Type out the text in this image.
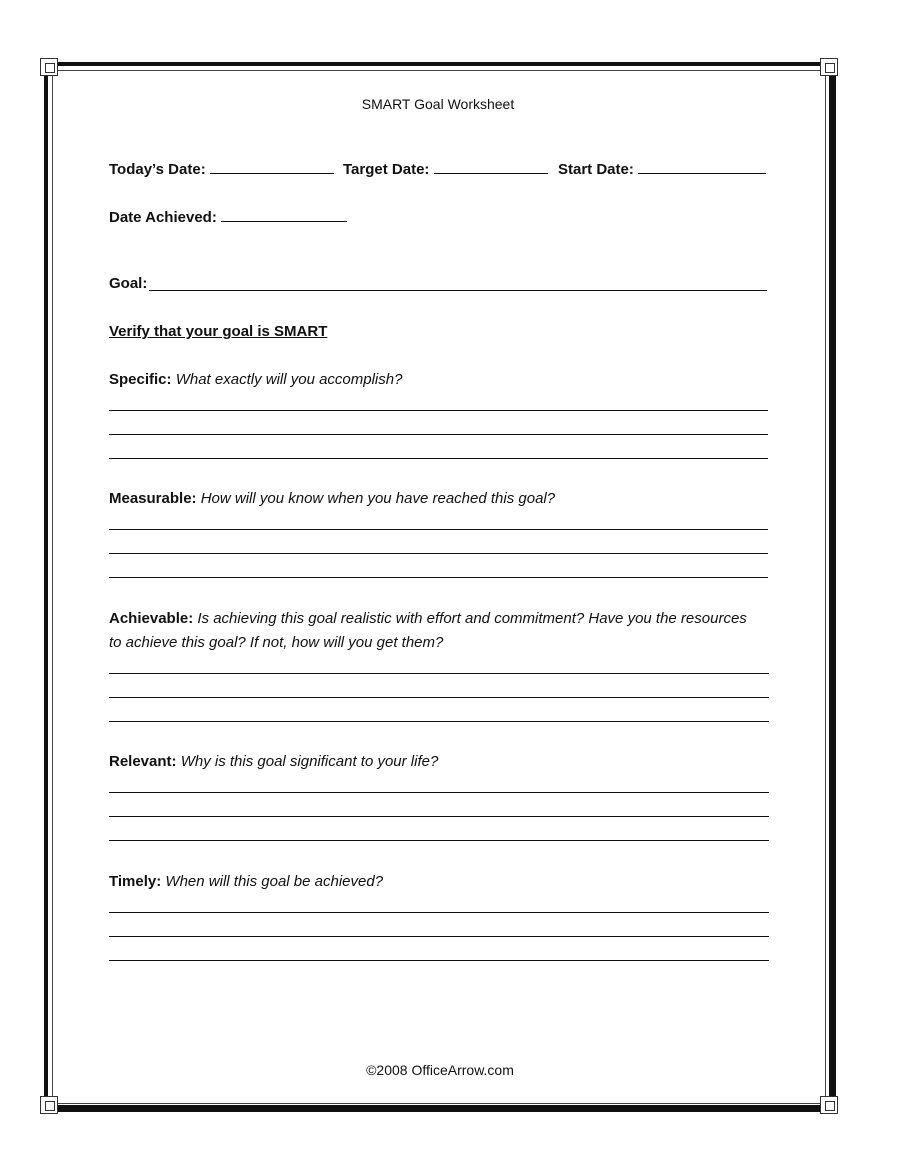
SMART Goal Worksheet
Today’s Date:	Target Date:	Start Date:
Date Achieved:
Goal:
Verify that your goal is SMART
Specific: What exactly will you accomplish?
Measurable: How will you know when you have reached this goal?
Achievable: Is achieving this goal realistic with effort and commitment? Have you the resources
to achieve this goal? If not, how will you get them?
Relevant: Why is this goal significant to your life?
Timely: When will this goal be achieved?
©2008 OfficeArrow.com
